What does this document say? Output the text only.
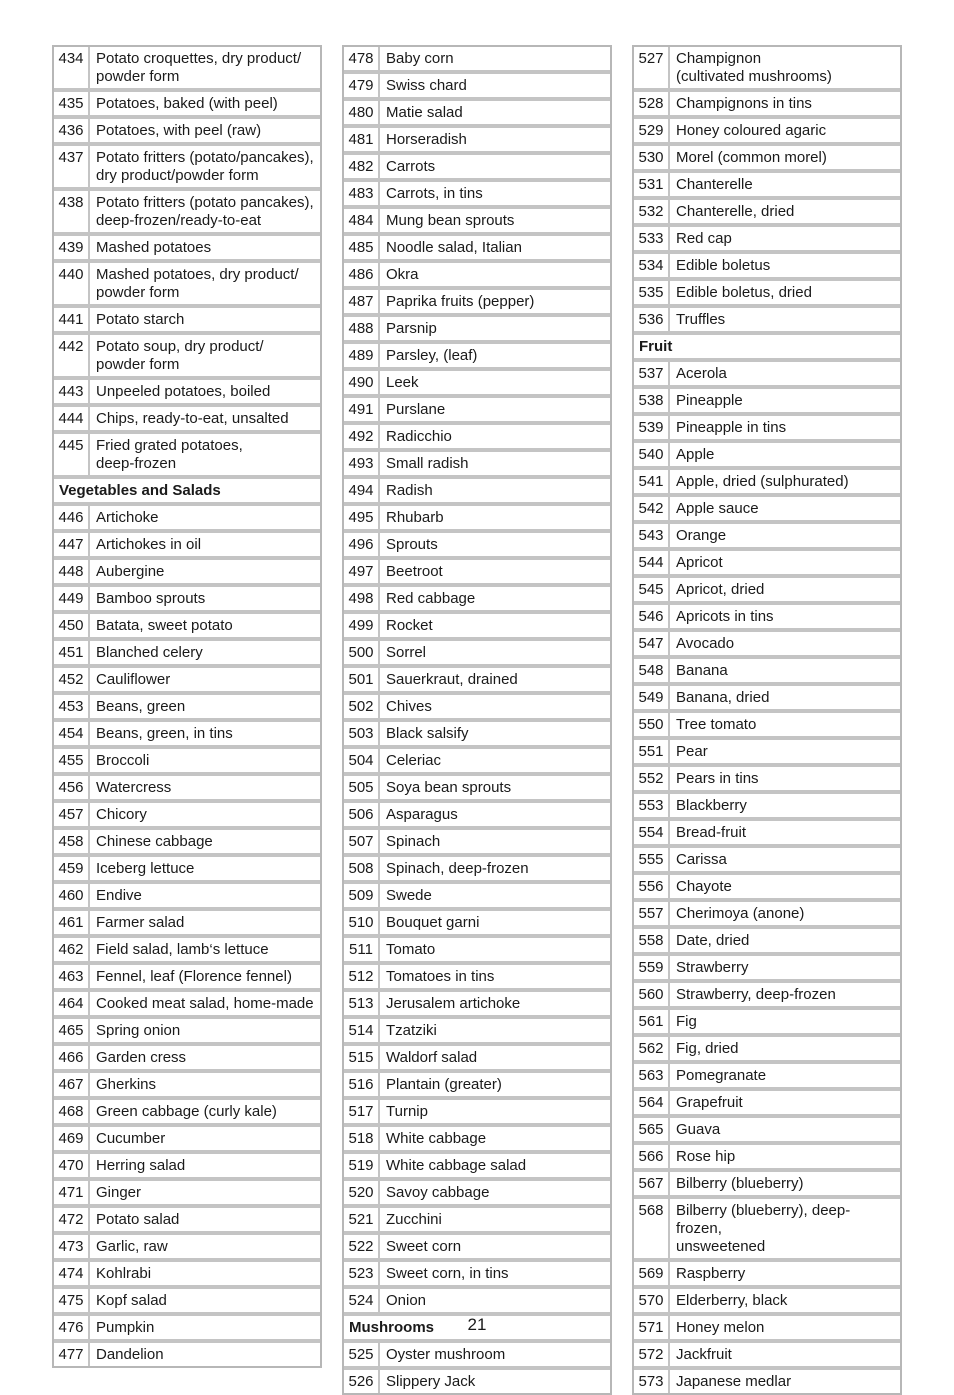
434	Potato croquettes, dry product/
powder form
435	Potatoes, baked (with peel)
436	Potatoes, with peel (raw)
437	Potato fritters (potato/pancakes),
dry product/powder form
438	Potato fritters (potato pancakes),
deep-frozen/ready-to-eat
439	Mashed potatoes
440	Mashed potatoes, dry product/
powder form
441	Potato starch
442	Potato soup, dry product/
powder form
443	Unpeeled potatoes, boiled
444	Chips, ready-to-eat, unsalted
445	Fried grated potatoes,
deep-frozen
Vegetables and Salads	
446	Artichoke
447	Artichokes in oil
448	Aubergine
449	Bamboo sprouts
450	Batata, sweet potato
451	Blanched celery
452	Cauliflower
453	Beans, green
454	Beans, green, in tins
455	Broccoli
456	Watercress
457	Chicory
458	Chinese cabbage
459	Iceberg lettuce
460	Endive
461	Farmer salad
462	Field salad, lamb‘s lettuce
463	Fennel, leaf (Florence fennel)
464	Cooked meat salad, home-made
465	Spring onion
466	Garden cress
467	Gherkins
468	Green cabbage (curly kale)
469	Cucumber
470	Herring salad
471	Ginger
472	Potato salad
473	Garlic, raw
474	Kohlrabi
475	Kopf salad
476	Pumpkin
477	Dandelion
478	Baby corn
479	Swiss chard
480	Matie salad
481	Horseradish
482	Carrots
483	Carrots, in tins
484	Mung bean sprouts
485	Noodle salad, Italian
486	Okra
487	Paprika fruits (pepper)
488	Parsnip
489	Parsley, (leaf)
490	Leek
491	Purslane
492	Radicchio
493	Small radish
494	Radish
495	Rhubarb
496	Sprouts
497	Beetroot
498	Red cabbage
499	Rocket
500	Sorrel
501	Sauerkraut, drained
502	Chives
503	Black salsify
504	Celeriac
505	Soya bean sprouts
506	Asparagus
507	Spinach
508	Spinach, deep-frozen
509	Swede
510	Bouquet garni
511	Tomato
512	Tomatoes in tins
513	Jerusalem artichoke
514	Tzatziki
515	Waldorf salad
516	Plantain (greater)
517	Turnip
518	White cabbage
519	White cabbage salad
520	Savoy cabbage
521	Zucchini
522	Sweet corn
523	Sweet corn, in tins
524	Onion
Mushrooms	
525	Oyster mushroom
526	Slippery Jack
527	Champignon
(cultivated mushrooms)
528	Champignons in tins
529	Honey coloured agaric
530	Morel (common morel)
531	Chanterelle
532	Chanterelle, dried
533	Red cap
534	Edible boletus
535	Edible boletus, dried
536	Truffles
Fruit	
537	Acerola
538	Pineapple
539	Pineapple in tins
540	Apple
541	Apple, dried (sulphurated)
542	Apple sauce
543	Orange
544	Apricot
545	Apricot, dried
546	Apricots in tins
547	Avocado
548	Banana
549	Banana, dried
550	Tree tomato
551	Pear
552	Pears in tins
553	Blackberry
554	Bread-fruit
555	Carissa
556	Chayote
557	Cherimoya (anone)
558	Date, dried
559	Strawberry
560	Strawberry, deep-frozen
561	Fig
562	Fig, dried
563	Pomegranate
564	Grapefruit
565	Guava
566	Rose hip
567	Bilberry (blueberry)
568	Bilberry (blueberry), deep-frozen,
unsweetened
569	Raspberry
570	Elderberry, black
571	Honey melon
572	Jackfruit
573	Japanese medlar
21
